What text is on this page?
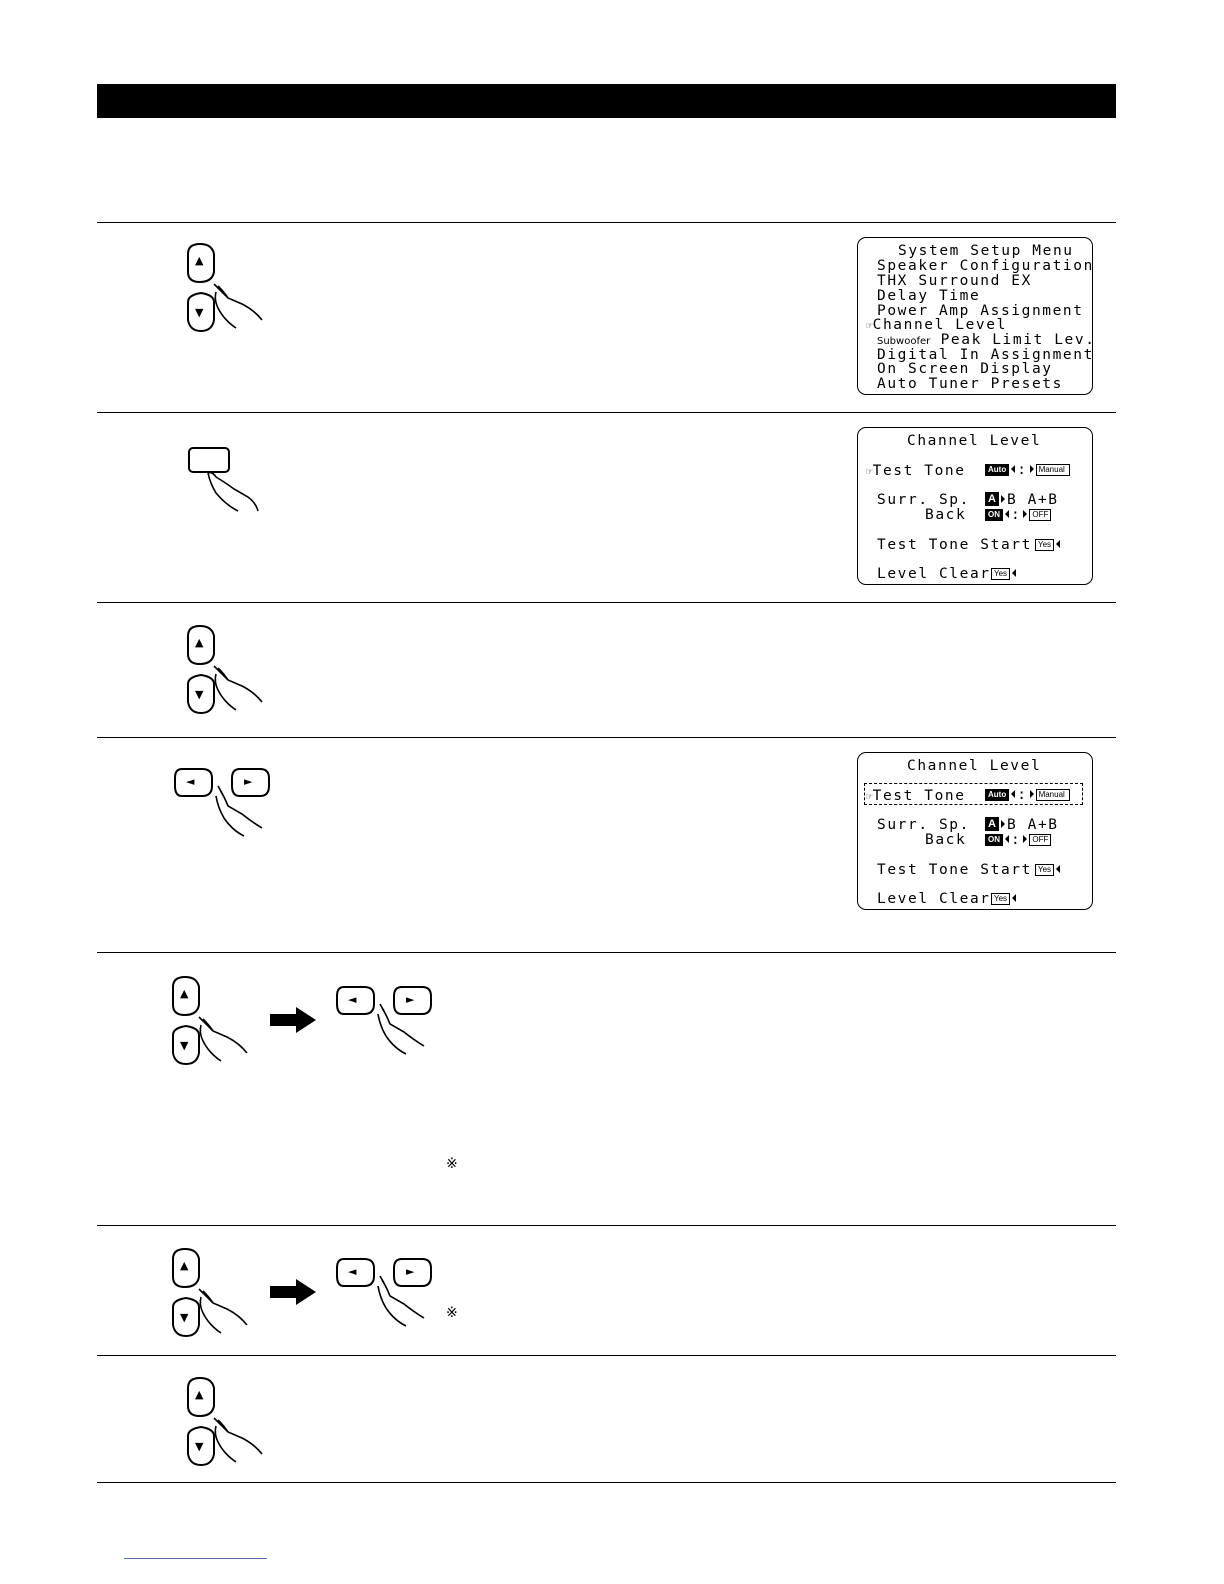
▲
▼
System Setup Menu
Speaker Configuration
THX Surround EX
Delay Time
Power Amp Assignment
☞Channel Level
Subwoofer Peak Limit Lev.
Digital In Assignment
On Screen Display
Auto Tuner Presets
Channel Level
☞Test Tone	Auto : Manual
Surr. Sp. A B A+B
Back	ON : OFF
Test Tone Start Yes
Level Clear Yes
▲
▼
◄	►
Channel Level
☞Test Tone	Auto : Manual
Surr. Sp. A B A+B
Back	ON : OFF
Test Tone Start Yes
Level Clear Yes
▲
▼
◄	►
※
▲
▼
◄	►
※
▲
▼
